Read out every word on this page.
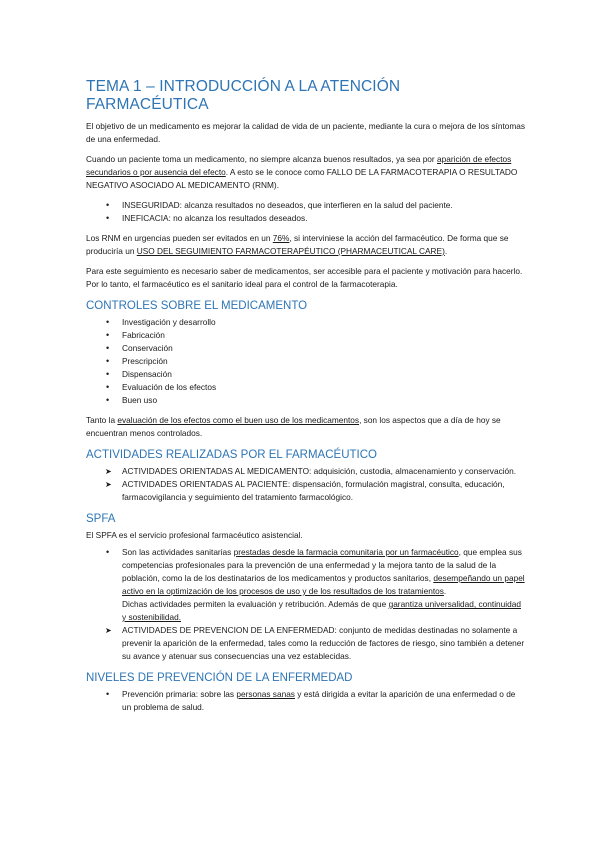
TEMA 1 – INTRODUCCIÓN A LA ATENCIÓN FARMACÉUTICA

El objetivo de un medicamento es mejorar la calidad de vida de un paciente, mediante la cura o mejora de los síntomas de una enfermedad.

Cuando un paciente toma un medicamento, no siempre alcanza buenos resultados, ya sea por aparición de efectos secundarios o por ausencia del efecto. A esto se le conoce como FALLO DE LA FARMACOTERAPIA O RESULTADO NEGATIVO ASOCIADO AL MEDICAMENTO (RNM).

• INSEGURIDAD: alcanza resultados no deseados, que interfieren en la salud del paciente.
• INEFICACIA: no alcanza los resultados deseados.

Los RNM en urgencias pueden ser evitados en un 76%, si interviniese la acción del farmacéutico. De forma que se produciría un USO DEL SEGUIMIENTO FARMACOTERAPÉUTICO (PHARMACEUTICAL CARE).

Para este seguimiento es necesario saber de medicamentos, ser accesible para el paciente y motivación para hacerlo. Por lo tanto, el farmacéutico es el sanitario ideal para el control de la farmacoterapia.

CONTROLES SOBRE EL MEDICAMENTO
• Investigación y desarrollo
• Fabricación
• Conservación
• Prescripción
• Dispensación
• Evaluación de los efectos
• Buen uso

Tanto la evaluación de los efectos como el buen uso de los medicamentos, son los aspectos que a día de hoy se encuentran menos controlados.

ACTIVIDADES REALIZADAS POR EL FARMACÉUTICO
➤ ACTIVIDADES ORIENTADAS AL MEDICAMENTO: adquisición, custodia, almacenamiento y conservación.
➤ ACTIVIDADES ORIENTADAS AL PACIENTE: dispensación, formulación magistral, consulta, educación, farmacovigilancia y seguimiento del tratamiento farmacológico.
SPFA

El SPFA es el servicio profesional farmacéutico asistencial.

• Son las actividades sanitarias prestadas desde la farmacia comunitaria por un farmacéutico, que emplea sus competencias profesionales para la prevención de una enfermedad y la mejora tanto de la salud de la población, como la de los destinatarios de los medicamentos y productos sanitarios, desempeñando un papel activo en la optimización de los procesos de uso y de los resultados de los tratamientos.
Dichas actividades permiten la evaluación y retribución. Además de que garantiza universalidad, continuidad y sostenibilidad.
➤ ACTIVIDADES DE PREVENCION DE LA ENFERMEDAD: conjunto de medidas destinadas no solamente a prevenir la aparición de la enfermedad, tales como la reducción de factores de riesgo, sino también a detener su avance y atenuar sus consecuencias una vez establecidas.
NIVELES DE PREVENCIÓN DE LA ENFERMEDAD
• Prevención primaria: sobre las personas sanas y está dirigida a evitar la aparición de una enfermedad o de un problema de salud.
